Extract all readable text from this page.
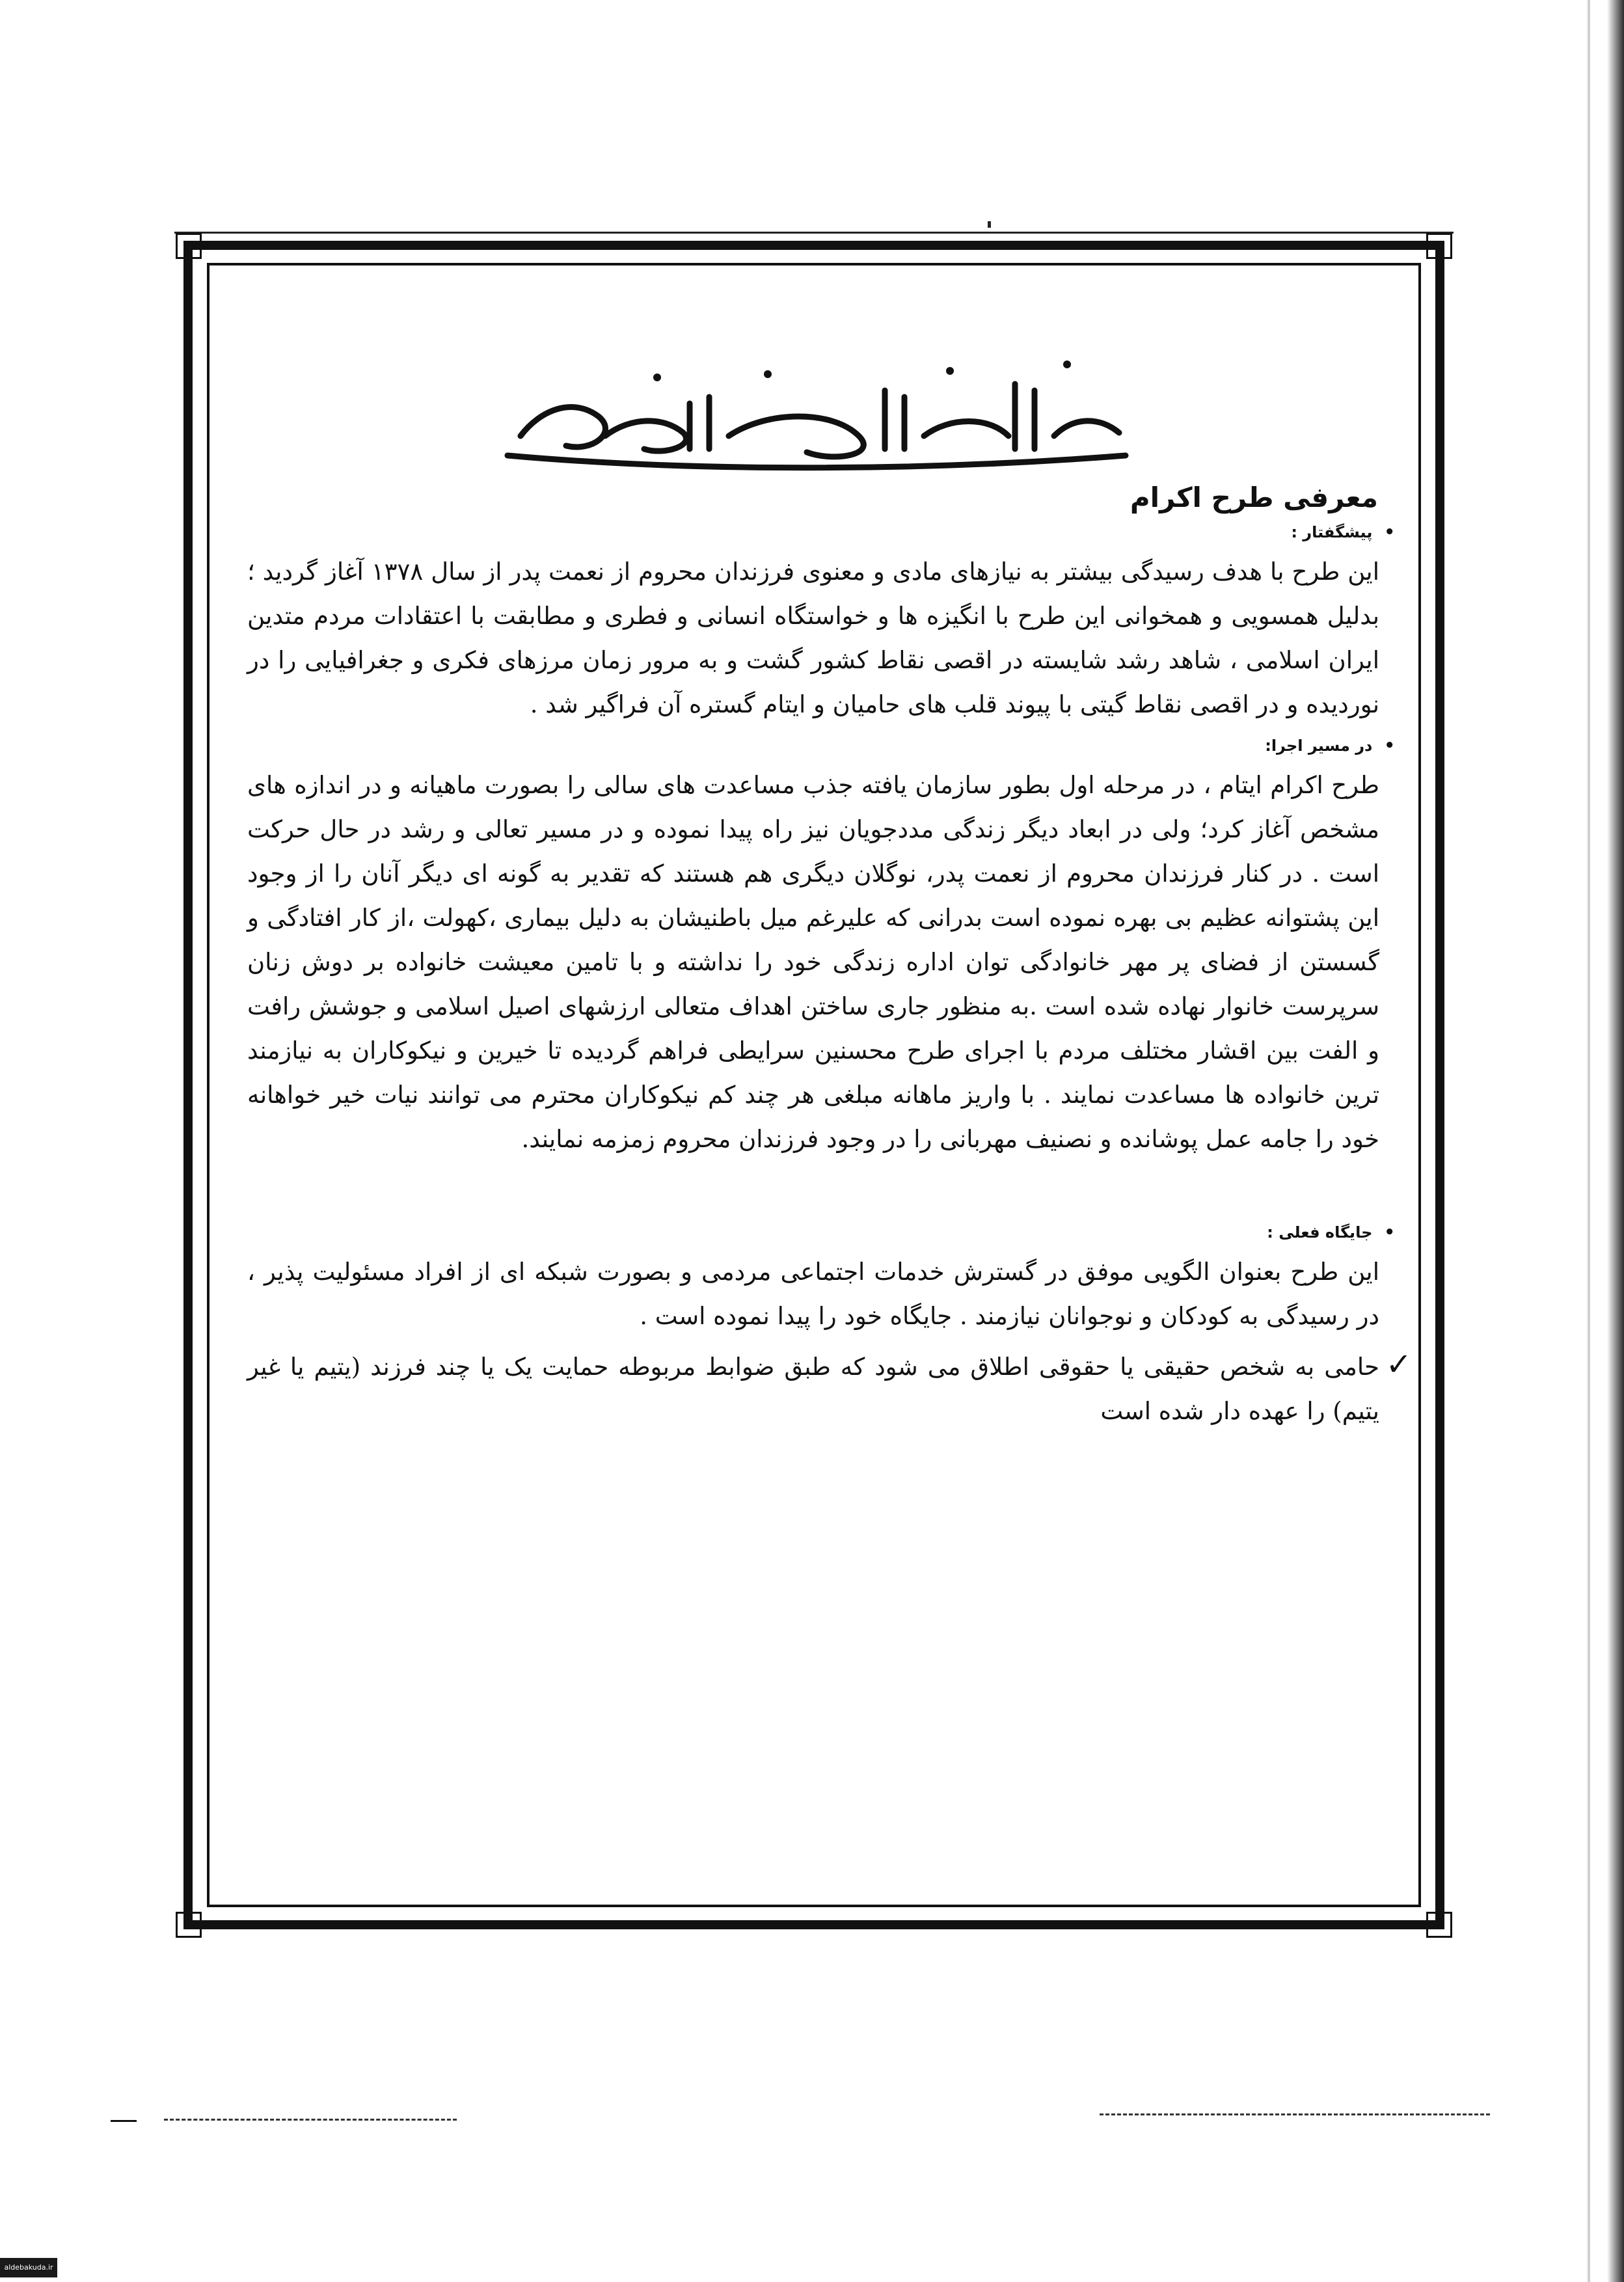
معرفی طرح اکرام
•
پیشگفتار :

این طرح با هدف رسیدگی بیشتر به نیازهای مادی و معنوی فرزندان محروم از نعمت پدر از سال ۱۳۷۸ آغاز گردید ؛ بدلیل همسویی و همخوانی این طرح با انگیزه ها و خواستگاه انسانی و فطری و مطابقت با اعتقادات مردم متدین ایران اسلامی ، شاهد رشد شایسته در اقصی نقاط کشور گشت و به مرور زمان مرزهای فکری و جغرافیایی را در نوردیده و در اقصی نقاط گیتی با پیوند قلب های حامیان و ایتام گستره آن فراگیر شد .

•
در مسیر اجرا:

طرح اکرام ایتام ، در مرحله اول بطور سازمان یافته جذب مساعدت های سالی را بصورت ماهیانه و در اندازه های مشخص آغاز کرد؛ ولی در ابعاد دیگر زندگی مددجویان نیز راه پیدا نموده و در مسیر تعالی و رشد در حال حرکت است . در کنار فرزندان محروم از نعمت پدر، نوگلان دیگری هم هستند که تقدیر به گونه ای دیگر آنان را از وجود این پشتوانه عظیم بی بهره نموده است بدرانی که علیرغم میل باطنیشان به دلیل بیماری ،کهولت ،از کار افتادگی و گسستن از فضای پر مهر خانوادگی توان اداره زندگی خود را نداشته و با تامین معیشت خانواده بر دوش زنان سرپرست خانوار نهاده شده است .به منظور جاری ساختن اهداف متعالی ارزشهای اصیل اسلامی و جوشش رافت و الفت بین اقشار مختلف مردم با اجرای طرح محسنین سرایطی فراهم گردیده تا خیرین و نیکوکاران به نیازمند ترین خانواده ها مساعدت نمایند . با واریز ماهانه مبلغی هر چند کم نیکوکاران محترم می توانند نیات خیر خواهانه خود را جامه عمل پوشانده و نصنیف مهربانی را در وجود فرزندان محروم زمزمه نمایند.

•
جایگاه فعلی :

این طرح بعنوان الگویی موفق در گسترش خدمات اجتماعی مردمی و بصورت شبکه ای از افراد مسئولیت پذیر ، در رسیدگی به کودکان و نوجوانان نیازمند . جایگاه خود را پیدا نموده است .

✓

حامی به شخص حقیقی یا حقوقی اطلاق می شود که طبق ضوابط مربوطه حمایت یک یا چند فرزند (یتیم یا غیر یتیم) را عهده دار شده است

aldebakuda.ir
